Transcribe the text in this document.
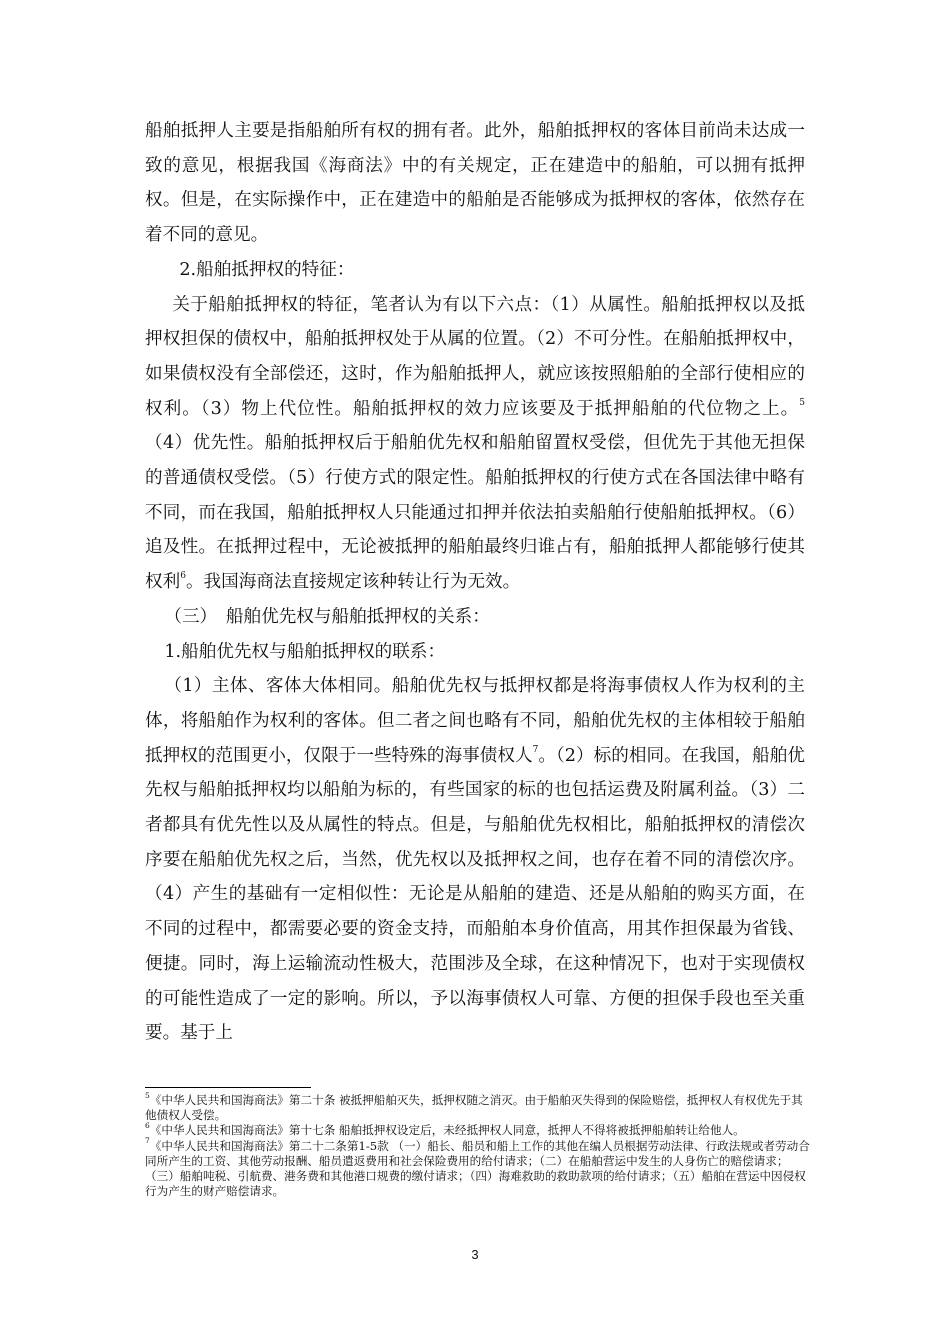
船舶抵押人主要是指船舶所有权的拥有者。此外，船舶抵押权的客体目前尚未达成一致的意见，根据我国《海商法》中的有关规定，正在建造中的船舶，可以拥有抵押权。但是，在实际操作中，正在建造中的船舶是否能够成为抵押权的客体，依然存在着不同的意见。

2.船舶抵押权的特征：

关于船舶抵押权的特征，笔者认为有以下六点：（1）从属性。船舶抵押权以及抵押权担保的债权中，船舶抵押权处于从属的位置。（2）不可分性。在船舶抵押权中，如果债权没有全部偿还，这时，作为船舶抵押人，就应该按照船舶的全部行使相应的权利。（3）物上代位性。船舶抵押权的效力应该要及于抵押船舶的代位物之上。$^5$（4）优先性。船舶抵押权后于船舶优先权和船舶留置权受偿，但优先于其他无担保的普通债权受偿。（5）行使方式的限定性。船舶抵押权的行使方式在各国法律中略有不同，而在我国，船舶抵押权人只能通过扣押并依法拍卖船舶行使船舶抵押权。（6）追及性。在抵押过程中，无论被抵押的船舶最终归谁占有，船舶抵押人都能够行使其权利$^6$。我国海商法直接规定该种转让行为无效。

（三）　船舶优先权与船舶抵押权的关系：

1.船舶优先权与船舶抵押权的联系：

（1）主体、客体大体相同。船舶优先权与抵押权都是将海事债权人作为权利的主体，将船舶作为权利的客体。但二者之间也略有不同，船舶优先权的主体相较于船舶抵押权的范围更小，仅限于一些特殊的海事债权人$^7$。（2）标的相同。在我国，船舶优先权与船舶抵押权均以船舶为标的，有些国家的标的也包括运费及附属利益。（3）二者都具有优先性以及从属性的特点。但是，与船舶优先权相比，船舶抵押权的清偿次序要在船舶优先权之后，当然，优先权以及抵押权之间，也存在着不同的清偿次序。（4）产生的基础有一定相似性：无论是从船舶的建造、还是从船舶的购买方面，在不同的过程中，都需要必要的资金支持，而船舶本身价值高，用其作担保最为省钱、便捷。同时，海上运输流动性极大，范围涉及全球，在这种情况下，也对于实现债权的可能性造成了一定的影响。所以，予以海事债权人可靠、方便的担保手段也至关重要。基于上

$^5$《中华人民共和国海商法》第二十条 被抵押船舶灭失，抵押权随之消灭。由于船舶灭失得到的保险赔偿，抵押权人有权优先于其他债权人受偿。

$^6$《中华人民共和国海商法》第十七条 船舶抵押权设定后，未经抵押权人同意，抵押人不得将被抵押船舶转让给他人。

$^7$《中华人民共和国海商法》第二十二条第1-5款 （一）船长、船员和船上工作的其他在编人员根据劳动法律、行政法规或者劳动合同所产生的工资、其他劳动报酬、船员遣返费用和社会保险费用的给付请求；（二）在船舶营运中发生的人身伤亡的赔偿请求；（三）船舶吨税、引航费、港务费和其他港口规费的缴付请求；（四）海难救助的救助款项的给付请求；（五）船舶在营运中因侵权行为产生的财产赔偿请求。

3
